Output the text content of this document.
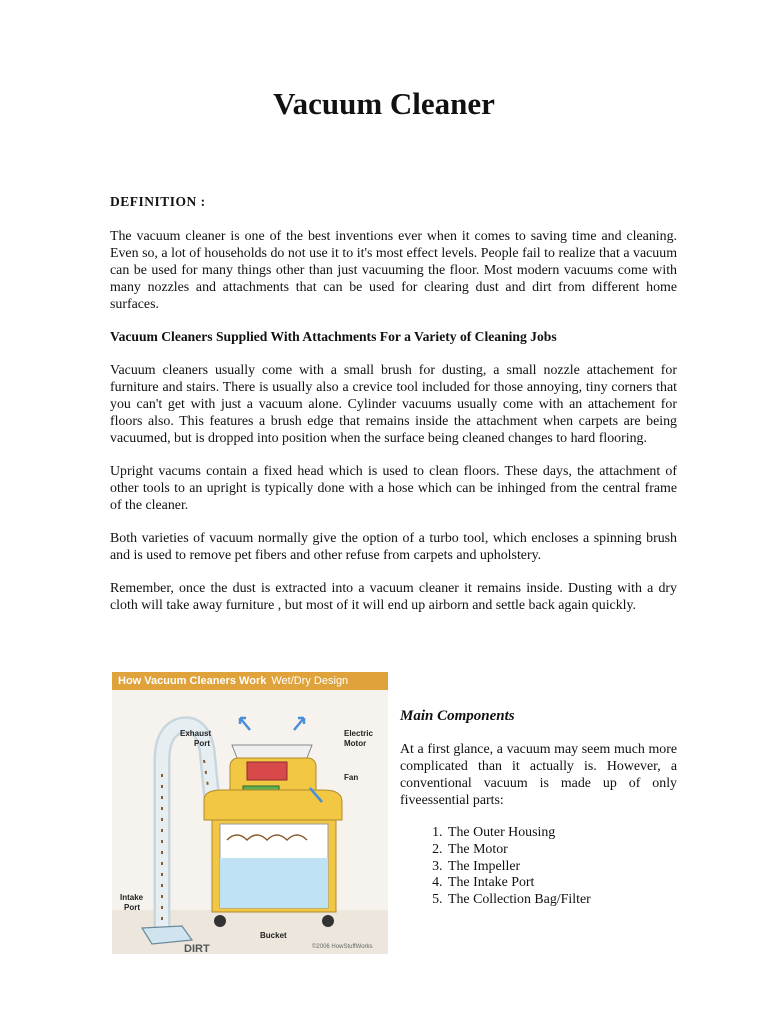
Vacuum Cleaner
DEFINITION :

The vacuum cleaner is one of the best inventions ever when it comes to saving time and cleaning. Even so, a lot of households do not use it to it's most effect levels. People fail to realize that a vacuum can be used for many things other than just vacuuming the floor. Most modern vacuums come with many nozzles and attachments that can be used for clearing dust and dirt from different home surfaces.

Vacuum Cleaners Supplied With Attachments For a Variety of Cleaning Jobs

Vacuum cleaners usually come with a small brush for dusting, a small nozzle attachement for furniture and stairs. There is usually also a crevice tool included for those annoying, tiny corners that you can't get with just a vacuum alone. Cylinder vacuums usually come with an attachement for floors also. This features a brush edge that remains inside the attachment when carpets are being vacuumed, but is dropped into position when the surface being cleaned changes to hard flooring.

Upright vacums contain a fixed head which is used to clean floors. These days, the attachment of other tools to an upright is typically done with a hose which can be inhinged from the central frame of the cleaner.

Both varieties of vacuum normally give the option of a turbo tool, which encloses a spinning brush and is used to remove pet fibers and other refuse from carpets and upholstery.

Remember, once the dust is extracted into a vacuum cleaner it remains inside. Dusting with a dry cloth will take away furniture , but most of it will end up airborn and settle back again quickly.

How Vacuum Cleaners Work Wet/Dry Design
Exhaust
Port
Electric
Motor
Fan
Intake
Port
Bucket
DIRT	©2006 HowStuffWorks
Main Components

At a first glance, a vacuum may seem much more complicated than it actually is. However, a conventional vacuum is made up of only fiveessential parts:

1. The Outer Housing
2. The Motor
3. The Impeller
4. The Intake Port
5. The Collection Bag/Filter
